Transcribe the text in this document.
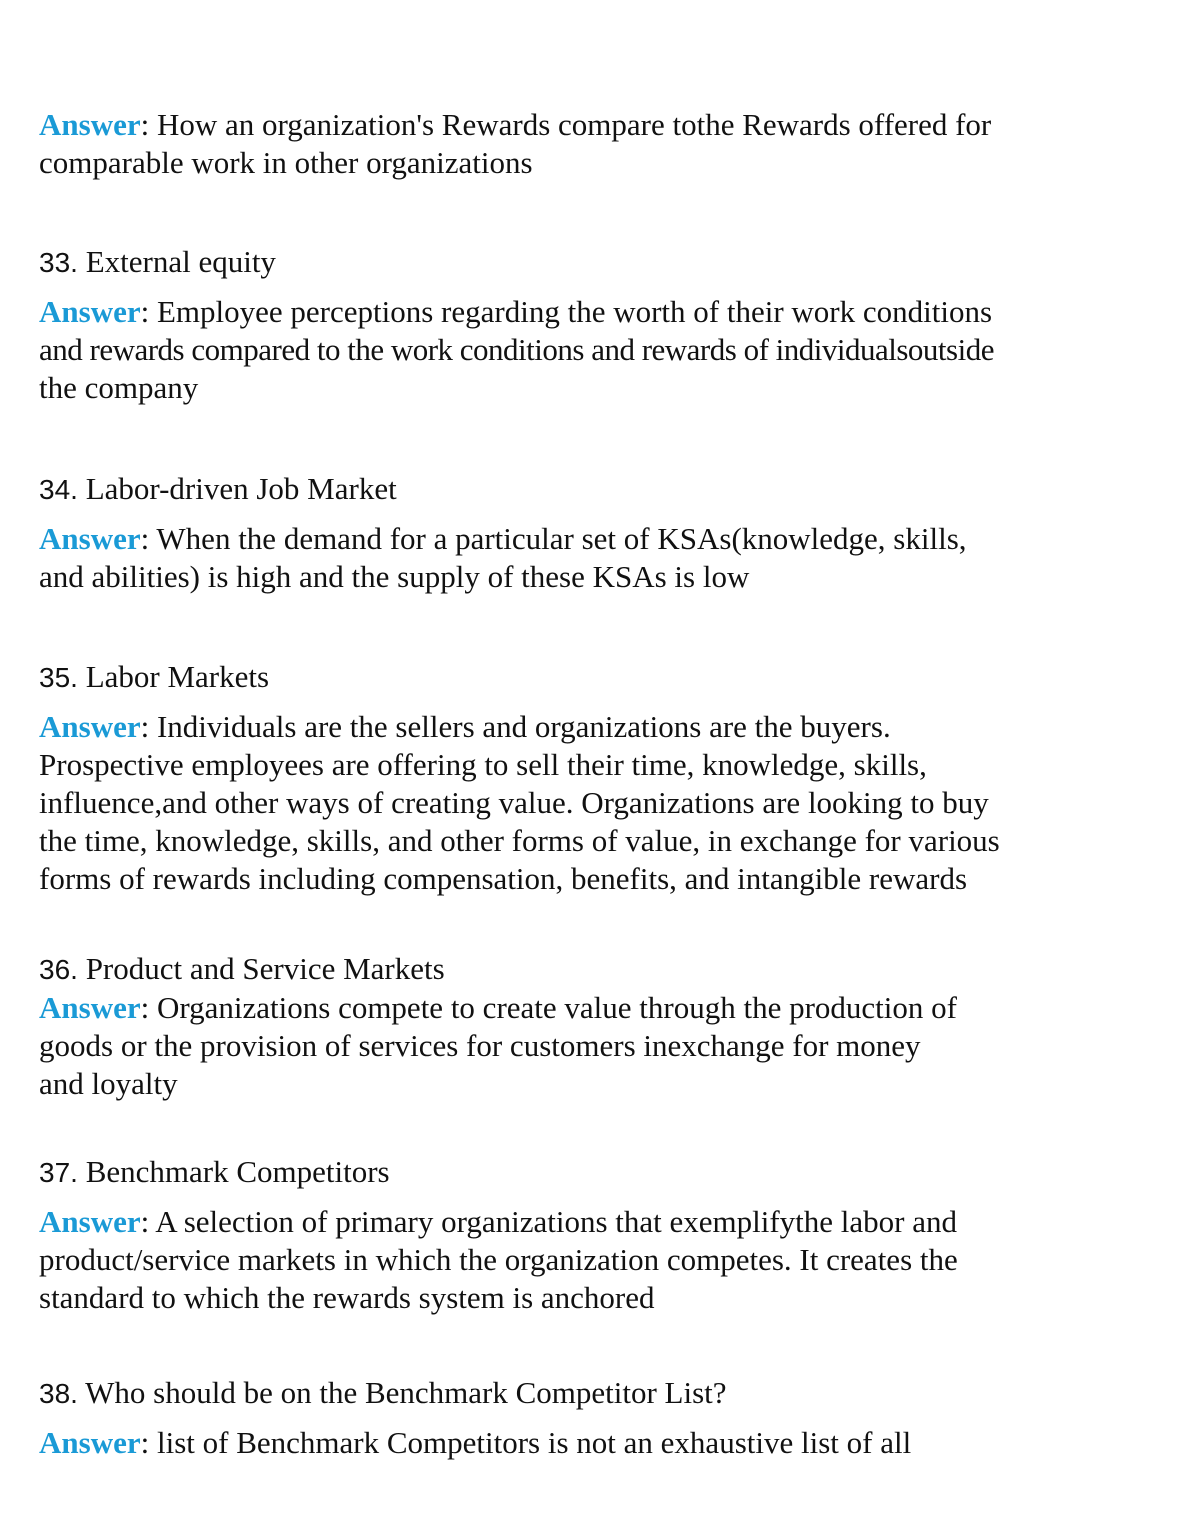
Answer: How an organization's Rewards compare tothe Rewards offered for
comparable work in other organizations
33. External equity
Answer: Employee perceptions regarding the worth of their work conditions
and rewards compared to the work conditions and rewards of individualsoutside
the company
34. Labor-driven Job Market
Answer: When the demand for a particular set of KSAs(knowledge, skills,
and abilities) is high and the supply of these KSAs is low
35. Labor Markets
Answer: Individuals are the sellers and organizations are the buyers.
Prospective employees are offering to sell their time, knowledge, skills,
influence,and other ways of creating value. Organizations are looking to buy
the time, knowledge, skills, and other forms of value, in exchange for various
forms of rewards including compensation, benefits, and intangible rewards
36. Product and Service Markets
Answer: Organizations compete to create value through the production of
goods or the provision of services for customers inexchange for money
and loyalty
37. Benchmark Competitors
Answer: A selection of primary organizations that exemplifythe labor and
product/service markets in which the organization competes. It creates the
standard to which the rewards system is anchored
38. Who should be on the Benchmark Competitor List?
Answer: list of Benchmark Competitors is not an exhaustive list of all
